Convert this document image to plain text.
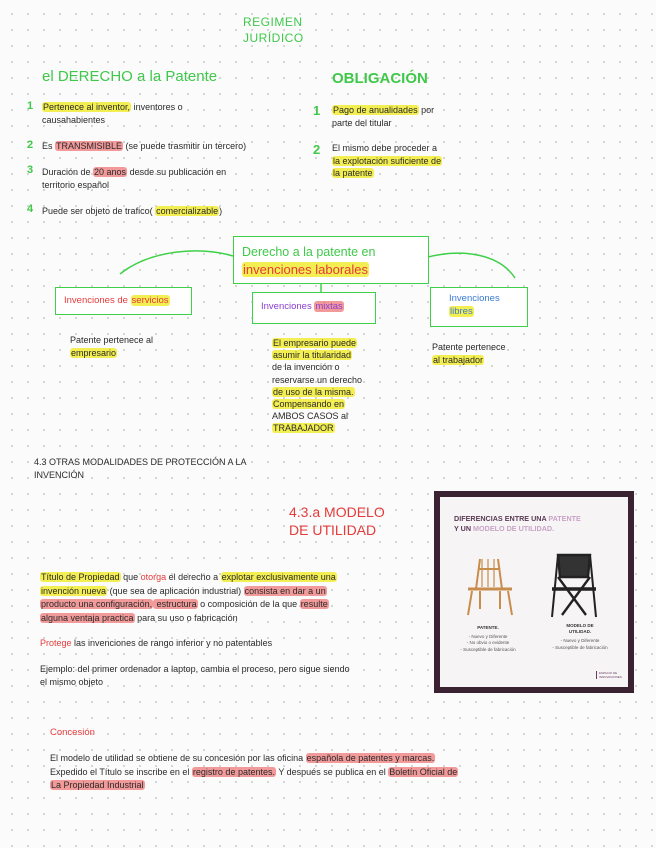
REGIMEN
JURÍDICO
el DERECHO a la Patente
1 Pertenece al inventor, inventores o
causahabientes
2 Es TRANSMISIBLE (se puede trasmitir un tercero)
3 Duración de 20 anos desde su publicación en
territorio español
4 Puede ser objeto de trafico( comercializable)
OBLIGACIÓN
1 Pago de anualidades por
parte del titular
2 El mismo debe proceder a
la explotación suficiente de
la patente
Derecho a la patente en
invenciones laborales
Invenciones de servicios
Invenciones mixtas
Invenciones
libres
Patente pertenece al
empresario
El empresario puede
asumir la titularidad
de la invención o
reservarse un derecho
de uso de la misma.
Compensando en
AMBOS CASOS al
TRABAJADOR
Patente pertenece
al trabajador
4.3 OTRAS MODALIDADES DE PROTECCIÓN A LA
INVENCIÓN
4.3.a MODELO
DE UTILIDAD
Título de Propiedad que otorga el derecho a explotar exclusivamente una
invención nueva (que sea de aplicación industrial) consista en dar a un
producto una configuración, estructura o composición de la que resulte
alguna ventaja practica para su uso o fabricación
Protege las invenciones de rango inferior y no patentables
Ejemplo: del primer ordenador a laptop, cambia el proceso, pero sigue siendo
el mismo objeto
DIFERENCIAS ENTRE UNA PATENTE
Y UN MODELO DE UTILIDAD.
PATENTE.
- Nuevo y Diferente
- No obvio o evidente
- Susceptible de fabricación
MODELO DE UTILIDAD.
- Nuevo y Diferente
- Susceptible de fabricación
ESPACIO DE INNOVACIONES
Concesión
El modelo de utilidad se obtiene de su concesión por las oficina española de patentes y marcas.
Expedido el Título se inscribe en el registro de patentes. Y después se publica en el Boletín Oficial de
La Propiedad Industrial
